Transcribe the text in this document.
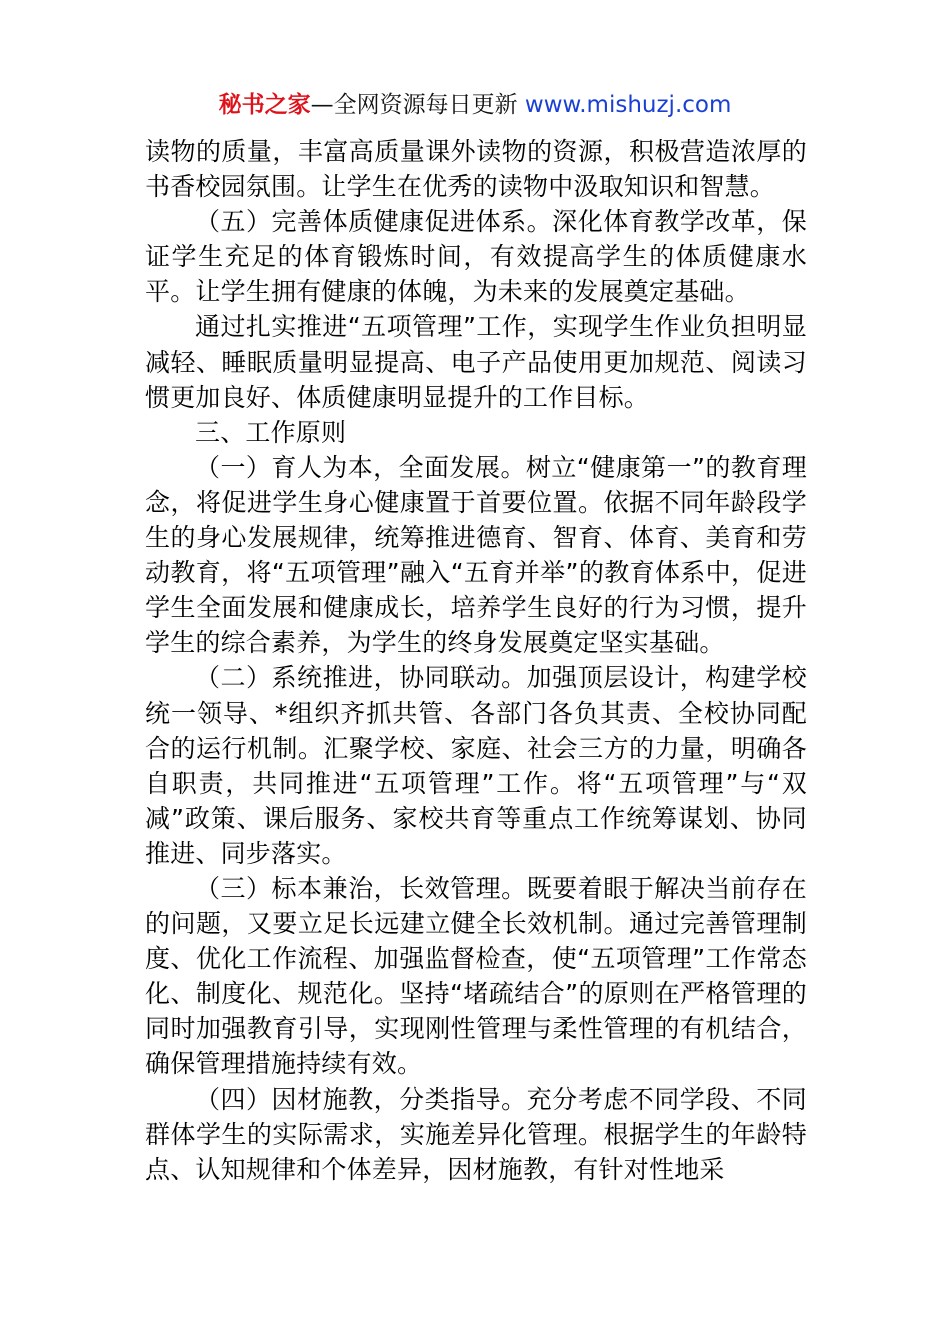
秘书之家—全网资源每日更新 www.mishuzj.com

读物的质量，丰富高质量课外读物的资源，积极营造浓厚的书香校园氛围。让学生在优秀的读物中汲取知识和智慧。

（五）完善体质健康促进体系。深化体育教学改革，保证学生充足的体育锻炼时间，有效提高学生的体质健康水平。让学生拥有健康的体魄，为未来的发展奠定基础。

通过扎实推进“五项管理”工作，实现学生作业负担明显减轻、睡眠质量明显提高、电子产品使用更加规范、阅读习惯更加良好、体质健康明显提升的工作目标。

三、工作原则

（一）育人为本，全面发展。树立“健康第一”的教育理念，将促进学生身心健康置于首要位置。依据不同年龄段学生的身心发展规律，统筹推进德育、智育、体育、美育和劳动教育，将“五项管理”融入“五育并举”的教育体系中，促进学生全面发展和健康成长，培养学生良好的行为习惯，提升学生的综合素养，为学生的终身发展奠定坚实基础。

（二）系统推进，协同联动。加强顶层设计，构建学校统一领导、*组织齐抓共管、各部门各负其责、全校协同配合的运行机制。汇聚学校、家庭、社会三方的力量，明确各自职责，共同推进“五项管理”工作。将“五项管理”与“双减”政策、课后服务、家校共育等重点工作统筹谋划、协同推进、同步落实。

（三）标本兼治，长效管理。既要着眼于解决当前存在的问题，又要立足长远建立健全长效机制。通过完善管理制度、优化工作流程、加强监督检查，使“五项管理”工作常态化、制度化、规范化。坚持“堵疏结合”的原则在严格管理的同时加强教育引导，实现刚性管理与柔性管理的有机结合，确保管理措施持续有效。

（四）因材施教，分类指导。充分考虑不同学段、不同群体学生的实际需求，实施差异化管理。根据学生的年龄特点、认知规律和个体差异，因材施教，有针对性地采
